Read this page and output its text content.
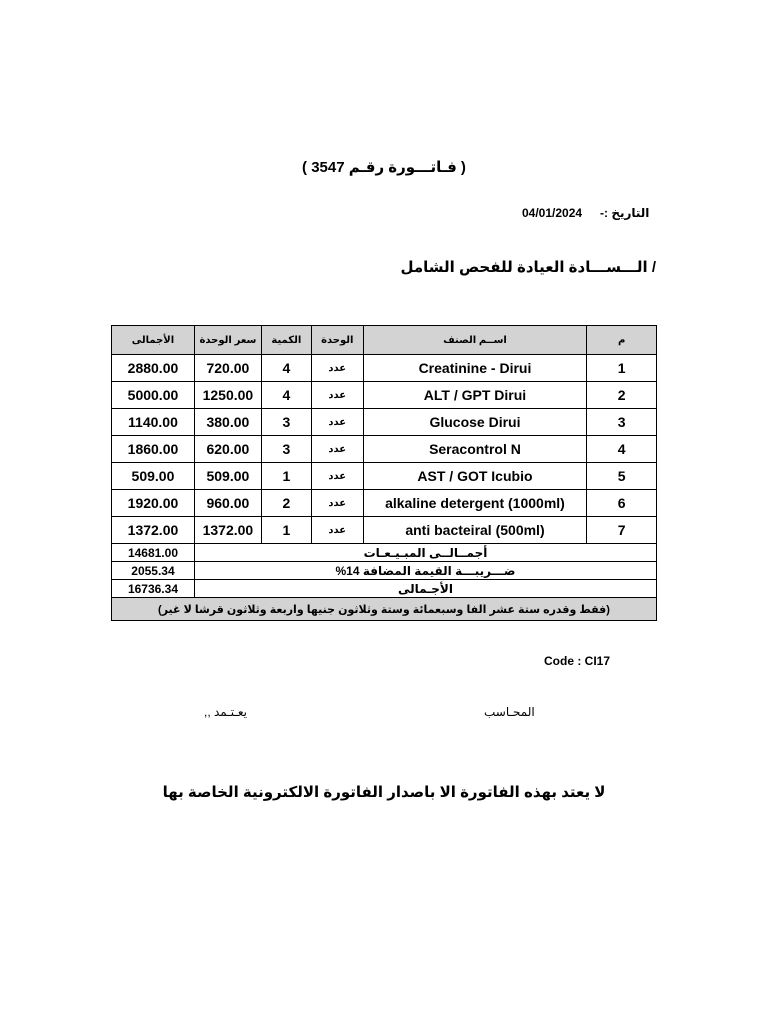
( فـاتـــورة رقـم 3547 )
04/01/2024 التاريخ :-
/ الـــســـادة العيادة للفحص الشامل
م	اســم الصنف	الوحدة	الكمية	سعر الوحدة	الأجمالى
1	Creatinine - Dirui	عدد	4	720.00	2880.00
2	ALT / GPT Dirui	عدد	4	1250.00	5000.00
3	Glucose Dirui	عدد	3	380.00	1140.00
4	Seracontrol N	عدد	3	620.00	1860.00
5	AST / GOT Icubio	عدد	1	509.00	509.00
6	alkaline detergent (1000ml)	عدد	2	960.00	1920.00
7	anti bacteiral (500ml)	عدد	1	1372.00	1372.00
أجمــالــى المبـيـعـات					14681.00
ضـــريبـــة القيمة المضافة 14%					2055.34
الأجـمالى					16736.34
(فقط وقدره ستة عشر الفا وسبعمائة وستة وثلاثون جنيها واربعة وثلاثون قرشا لا غير)					
Code : CI17
المحـاسب
يعـتـمد ,,
لا يعتد بهذه الفاتورة الا باصدار الفاتورة الالكترونية الخاصة بها
